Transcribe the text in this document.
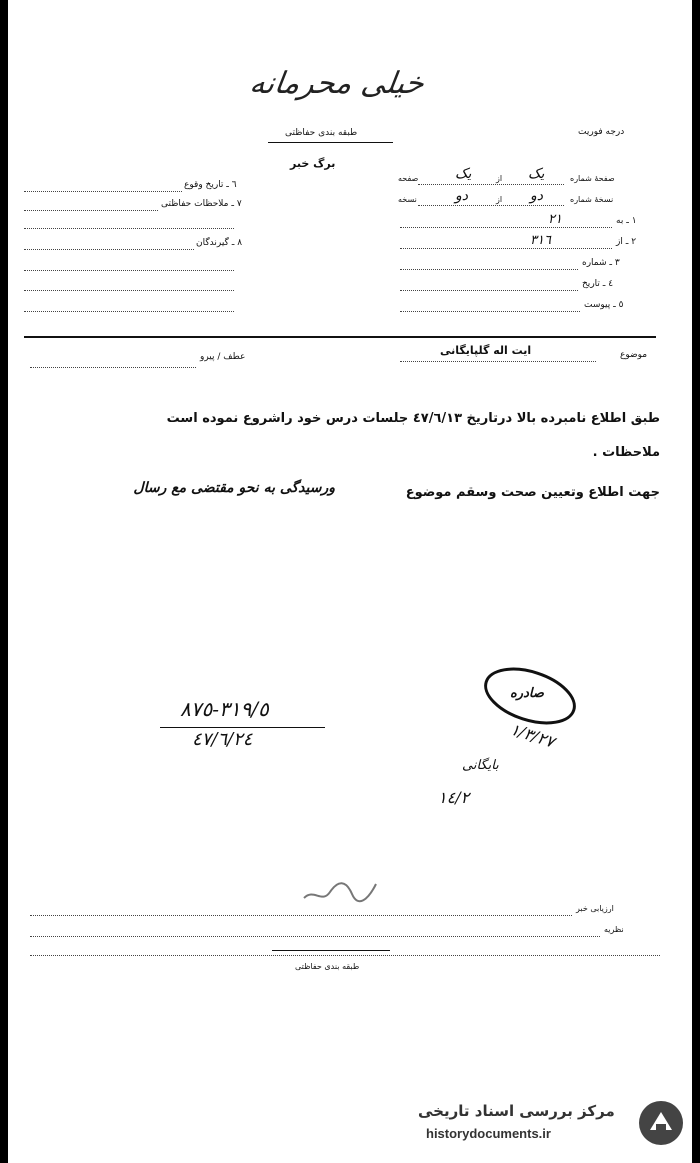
خیلی محرمانه
طبقه بندی حفاظتی	درجه فوریت
برگ خبر
٦ ـ تاریخ وقوع
٧ ـ ملاحظات حفاظتی
٨ ـ گیرندگان
صفحه	یک	از یک	صفحهٔ شماره
نسخه	دو	از دو	نسخهٔ شماره
٢١	١ ـ به
٣١٦	٢ ـ از
٣ ـ شماره
٤ ـ تاریخ
٥ ـ پیوست
عطف / پیرو	ایت اله گلپایگانی	موضوع
طبق اطلاع نامبرده بالا درتاریخ ٤٧/٦/١٣ جلسات درس خود راشروع نموده است
ملاحظات .
جهت اطلاع وتعیین صحت وسقم موضوع
ورسیدگی به نحو مقتضی مع رسال
٣١٩/٥-٨٧٥
٤٧/٦/٢٤
صادره
١/٣/٢٧
بایگانی
١٤/٢
ارزیابی خبر
نظریه
طبقه بندی حفاظتی
مرکز بررسی اسناد تاریخی
historydocuments.ir
